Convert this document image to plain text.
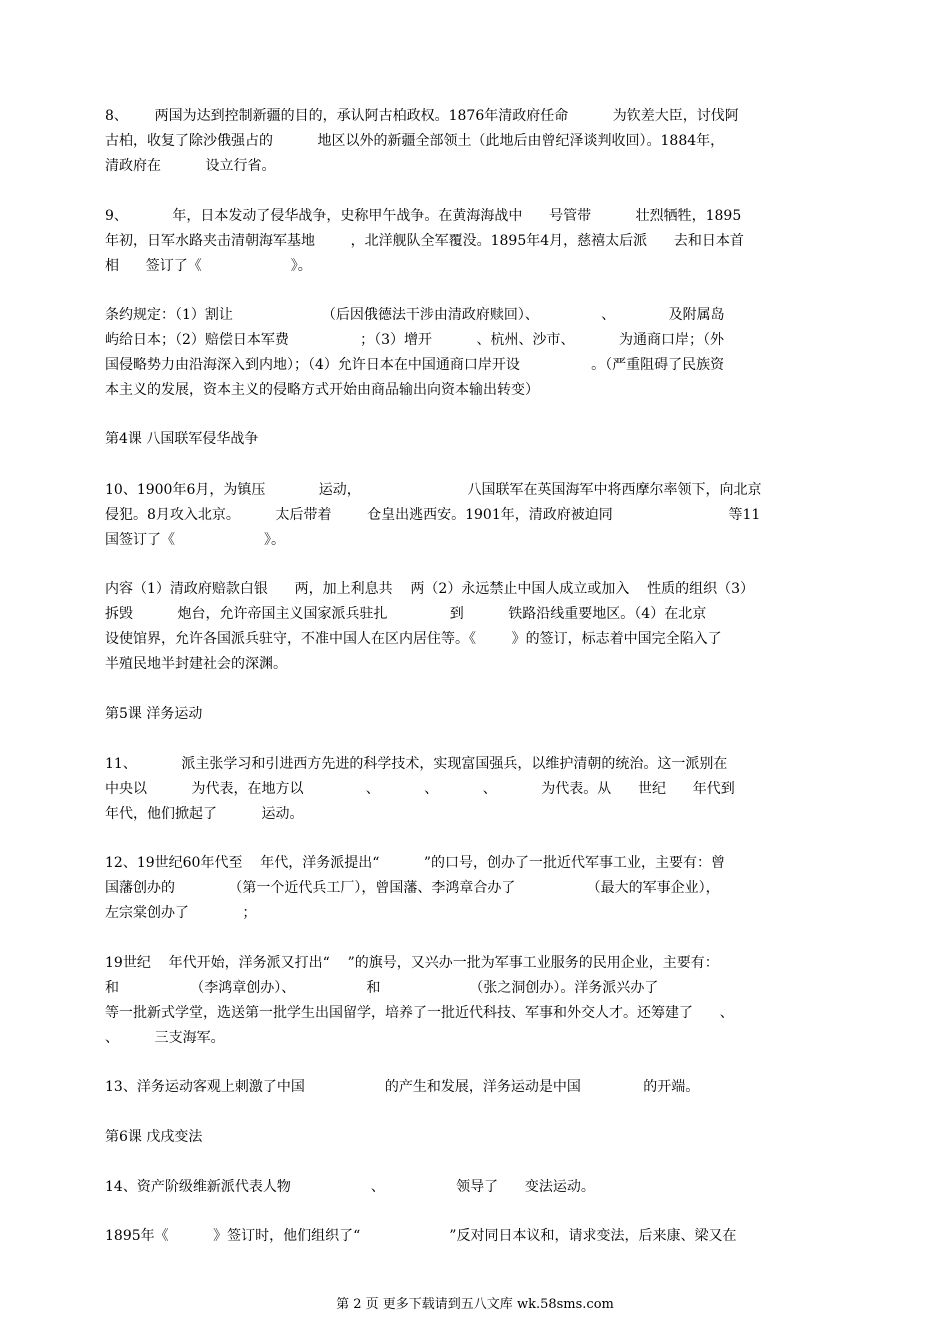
8、      两国为达到控制新疆的目的，承认阿古柏政权。1876年清政府任命          为钦差大臣，讨伐阿
古柏，收复了除沙俄强占的          地区以外的新疆全部领土（此地后由曾纪泽谈判收回）。1884年，
清政府在          设立行省。
9、          年，日本发动了侵华战争，史称甲午战争。在黄海海战中      号管带          壮烈牺牲，1895
年初，日军水路夹击清朝海军基地        ，北洋舰队全军覆没。1895年4月，慈禧太后派      去和日本首
相      签订了《                    》。
条约规定：（1）割让                    （后因俄德法干涉由清政府赎回）、              、            及附属岛
屿给日本；（2）赔偿日本军费                ；（3）增开          、杭州、沙市、          为通商口岸；（外
国侵略势力由沿海深入到内地）；（4）允许日本在中国通商口岸开设                。（严重阻碍了民族资
本主义的发展，资本主义的侵略方式开始由商品输出向资本输出转变）
第4课 八国联军侵华战争
10、1900年6月，为镇压            运动，                        八国联军在英国海军中将西摩尔率领下，向北京
侵犯。8月攻入北京。        太后带着        仓皇出逃西安。1901年，清政府被迫同                          等11
国签订了《                    》。
内容（1）清政府赔款白银      两，加上利息共    两（2）永远禁止中国人成立或加入    性质的组织（3）
拆毁          炮台，允许帝国主义国家派兵驻扎              到          铁路沿线重要地区。（4）在北京
设使馆界，允许各国派兵驻守，不准中国人在区内居住等。《        》的签订，标志着中国完全陷入了
半殖民地半封建社会的深渊。
第5课 洋务运动
11、          派主张学习和引进西方先进的科学技术，实现富国强兵，以维护清朝的统治。这一派别在
中央以          为代表，在地方以              、          、          、          为代表。从      世纪      年代到
年代，他们掀起了          运动。
12、19世纪60年代至    年代，洋务派提出“          ”的口号，创办了一批近代军事工业，主要有：曾
国藩创办的            （第一个近代兵工厂），曾国藩、李鸿章合办了                （最大的军事企业），
左宗棠创办了            ；
19世纪    年代开始，洋务派又打出“    ”的旗号，又兴办一批为军事工业服务的民用企业，主要有：
和                （李鸿章创办）、                和                    （张之洞创办）。洋务派兴办了
等一批新式学堂，选送第一批学生出国留学，培养了一批近代科技、军事和外交人才。还筹建了      、
、        三支海军。
13、洋务运动客观上刺激了中国                  的产生和发展，洋务运动是中国              的开端。
第6课 戊戌变法
14、资产阶级维新派代表人物                  、                领导了      变法运动。
1895年《          》签订时，他们组织了“                    ”反对同日本议和，请求变法，后来康、梁又在
第 2 页 更多下载请到五八文库 wk.58sms.com
